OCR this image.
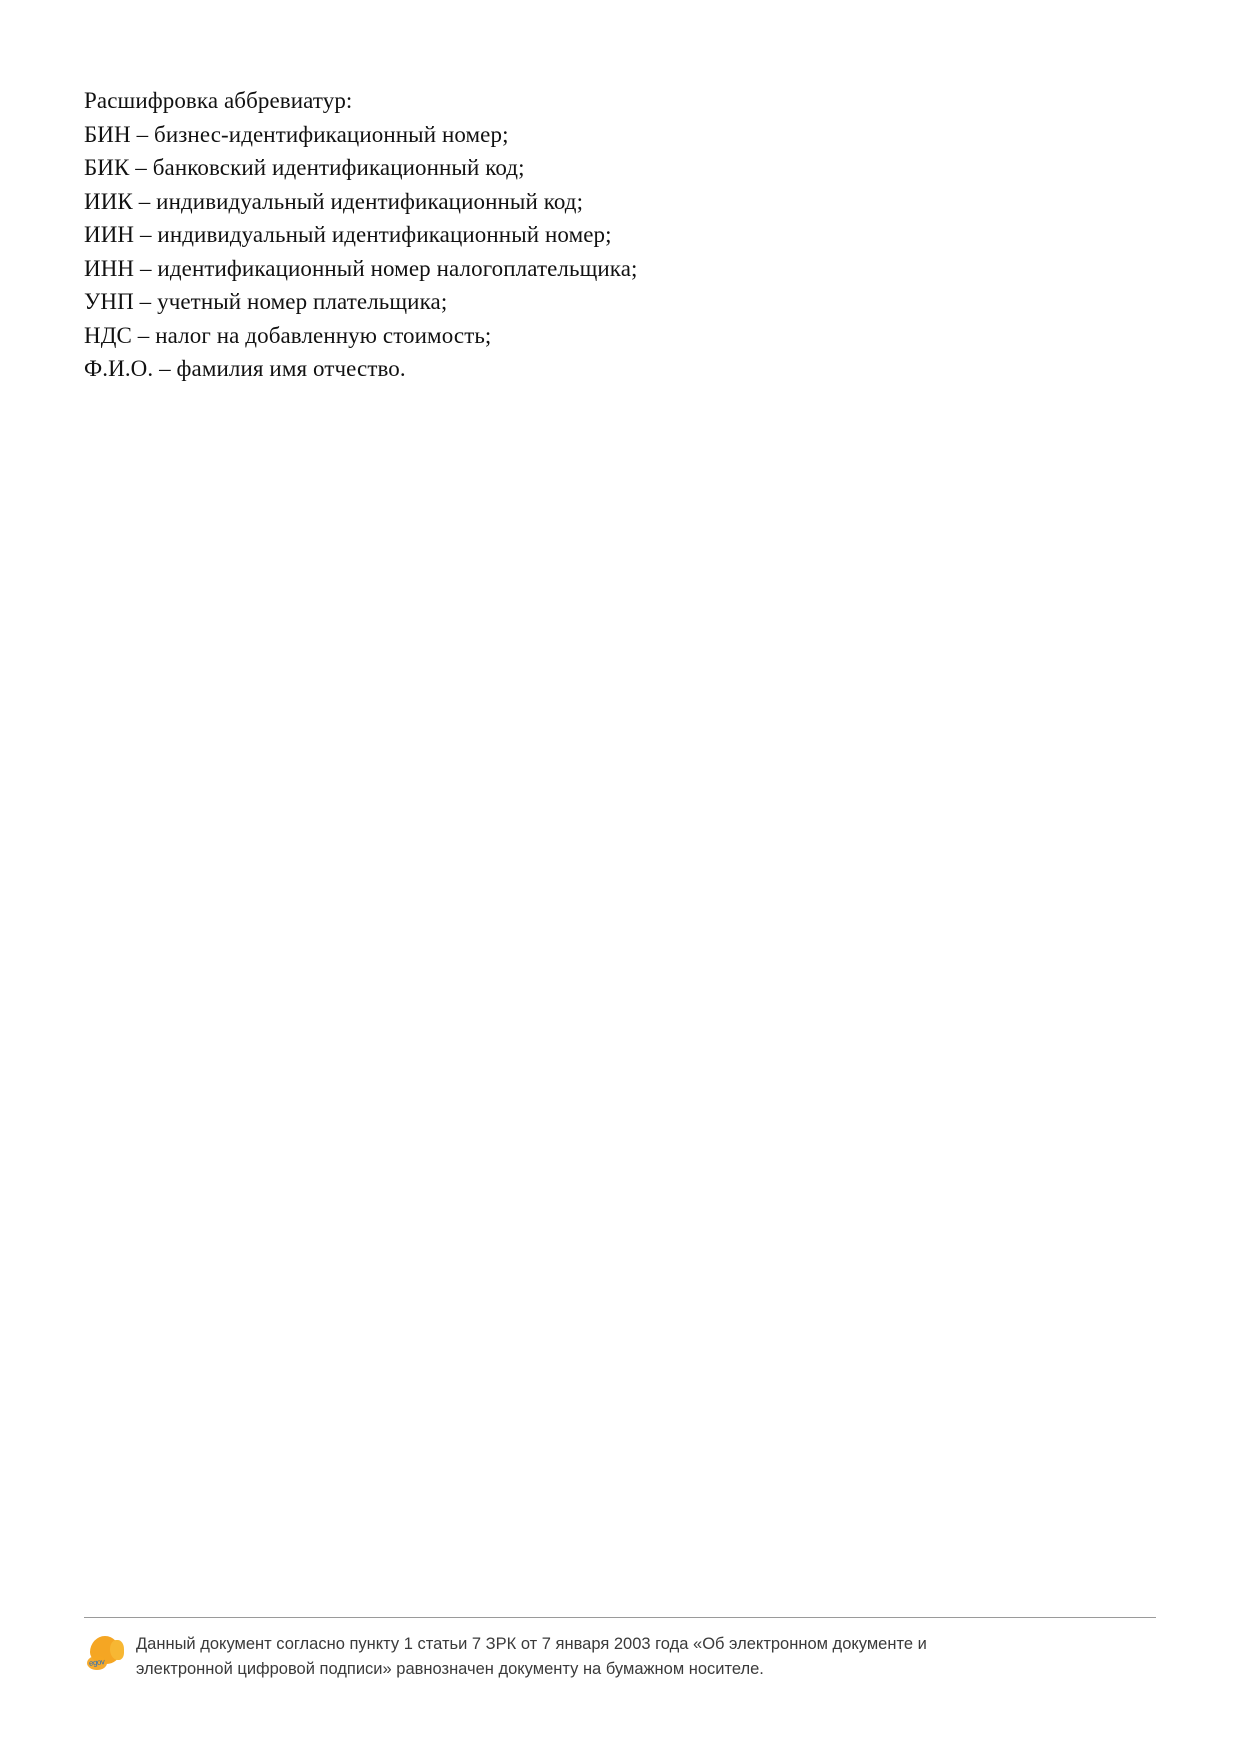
Расшифровка аббревиатур:
БИН – бизнес-идентификационный номер;
БИК – банковский идентификационный код;
ИИК – индивидуальный идентификационный код;
ИИН – индивидуальный идентификационный номер;
ИНН – идентификационный номер налогоплательщика;
УНП – учетный номер плательщика;
НДС – налог на добавленную стоимость;
Ф.И.О. – фамилия имя отчество.
egov
Данный документ согласно пункту 1 статьи 7 ЗРК от 7 января 2003 года «Об электронном документе и
электронной цифровой подписи» равнозначен документу на бумажном носителе.
